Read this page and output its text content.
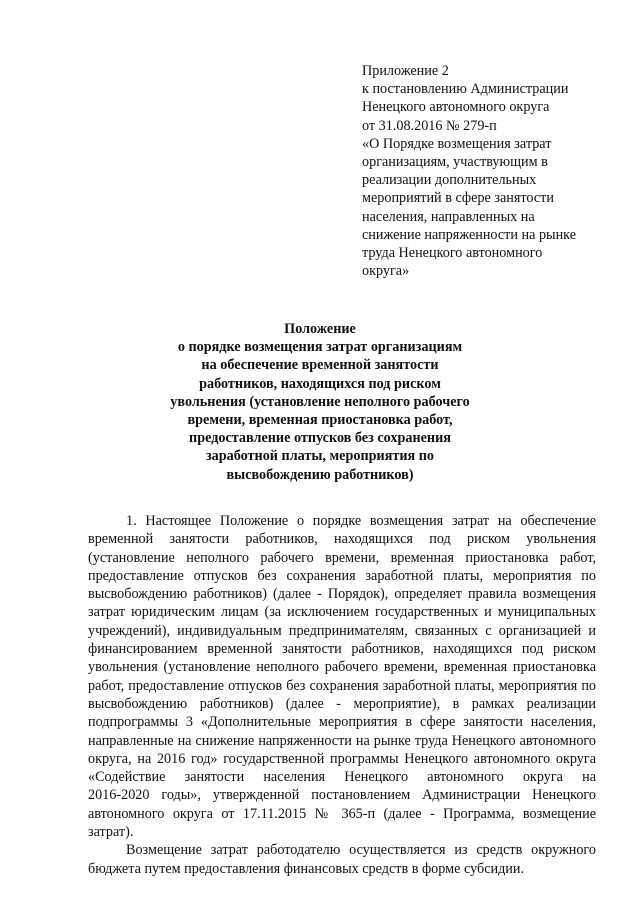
Приложение 2
к постановлению Администрации
Ненецкого автономного округа
от 31.08.2016 № 279-п
«О Порядке возмещения затрат
организациям, участвующим в
реализации дополнительных
мероприятий в сфере занятости
населения, направленных на
снижение напряженности на рынке
труда Ненецкого автономного
округа»
Положение
о порядке возмещения затрат организациям
на обеспечение временной занятости
работников, находящихся под риском
увольнения (установление неполного рабочего
времени, временная приостановка работ,
предоставление отпусков без сохранения
заработной платы, мероприятия по
высвобождению работников)
1. Настоящее Положение о порядке возмещения затрат на обеспечение
временной занятости работников, находящихся под риском увольнения
(установление неполного рабочего времени, временная приостановка работ,
предоставление отпусков без сохранения заработной платы, мероприятия по
высвобождению работников) (далее - Порядок), определяет правила возмещения
затрат юридическим лицам (за исключением государственных и муниципальных
учреждений), индивидуальным предпринимателям, связанных с организацией и
финансированием временной занятости работников, находящихся под риском
увольнения (установление неполного рабочего времени, временная приостановка
работ, предоставление отпусков без сохранения заработной платы, мероприятия по
высвобождению работников) (далее - мероприятие), в рамках реализации
подпрограммы 3 «Дополнительные мероприятия в сфере занятости населения,
направленные на снижение напряженности на рынке труда Ненецкого автономного
округа, на 2016 год» государственной программы Ненецкого автономного округа
«Содействие занятости населения Ненецкого автономного округа на
2016-2020 годы», утвержденной постановлением Администрации Ненецкого
автономного округа от 17.11.2015 № 365-п (далее - Программа, возмещение
затрат).
Возмещение затрат работодателю осуществляется из средств окружного
бюджета путем предоставления финансовых средств в форме субсидии.
